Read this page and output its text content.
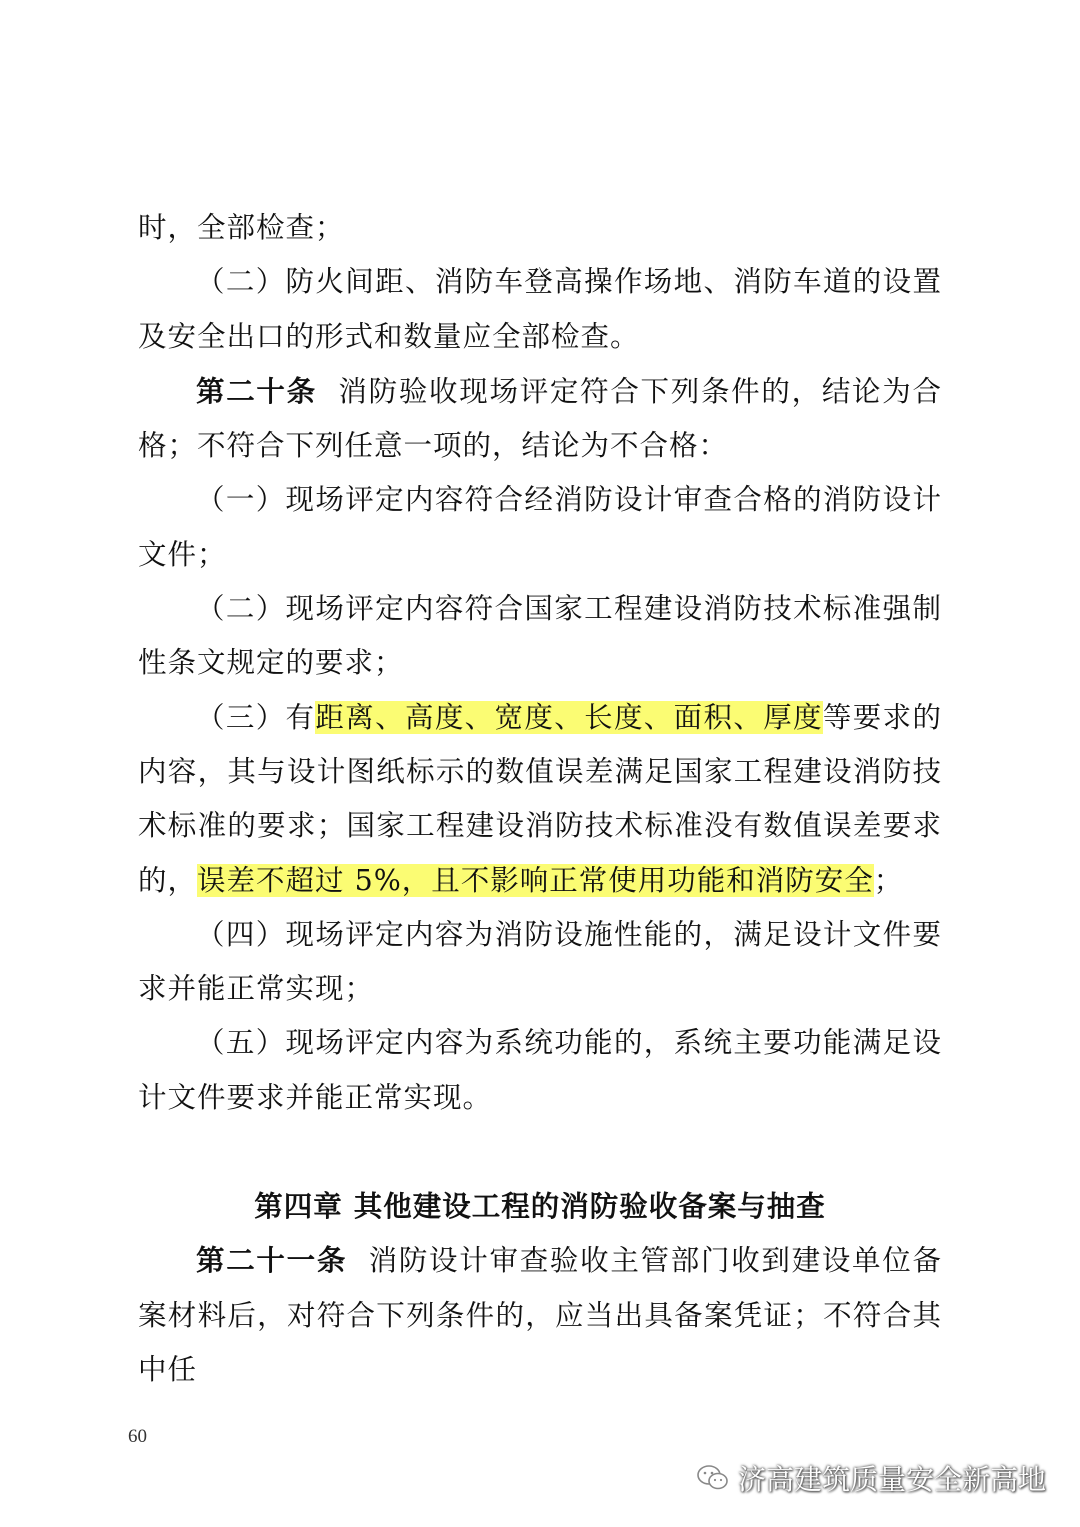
时，全部检查；

（二）防火间距、消防车登高操作场地、消防车道的设置及安全出口的形式和数量应全部检查。

第二十条 消防验收现场评定符合下列条件的，结论为合格；不符合下列任意一项的，结论为不合格：

（一）现场评定内容符合经消防设计审查合格的消防设计文件；

（二）现场评定内容符合国家工程建设消防技术标准强制性条文规定的要求；

（三）有距离、高度、宽度、长度、面积、厚度等要求的内容，其与设计图纸标示的数值误差满足国家工程建设消防技术标准的要求；国家工程建设消防技术标准没有数值误差要求的，误差不超过 5%，且不影响正常使用功能和消防安全；

（四）现场评定内容为消防设施性能的，满足设计文件要求并能正常实现；

（五）现场评定内容为系统功能的，系统主要功能满足设计文件要求并能正常实现。

第四章 其他建设工程的消防验收备案与抽查

第二十一条 消防设计审查验收主管部门收到建设单位备案材料后，对符合下列条件的，应当出具备案凭证；不符合其中任

60
济高建筑质量安全新高地
